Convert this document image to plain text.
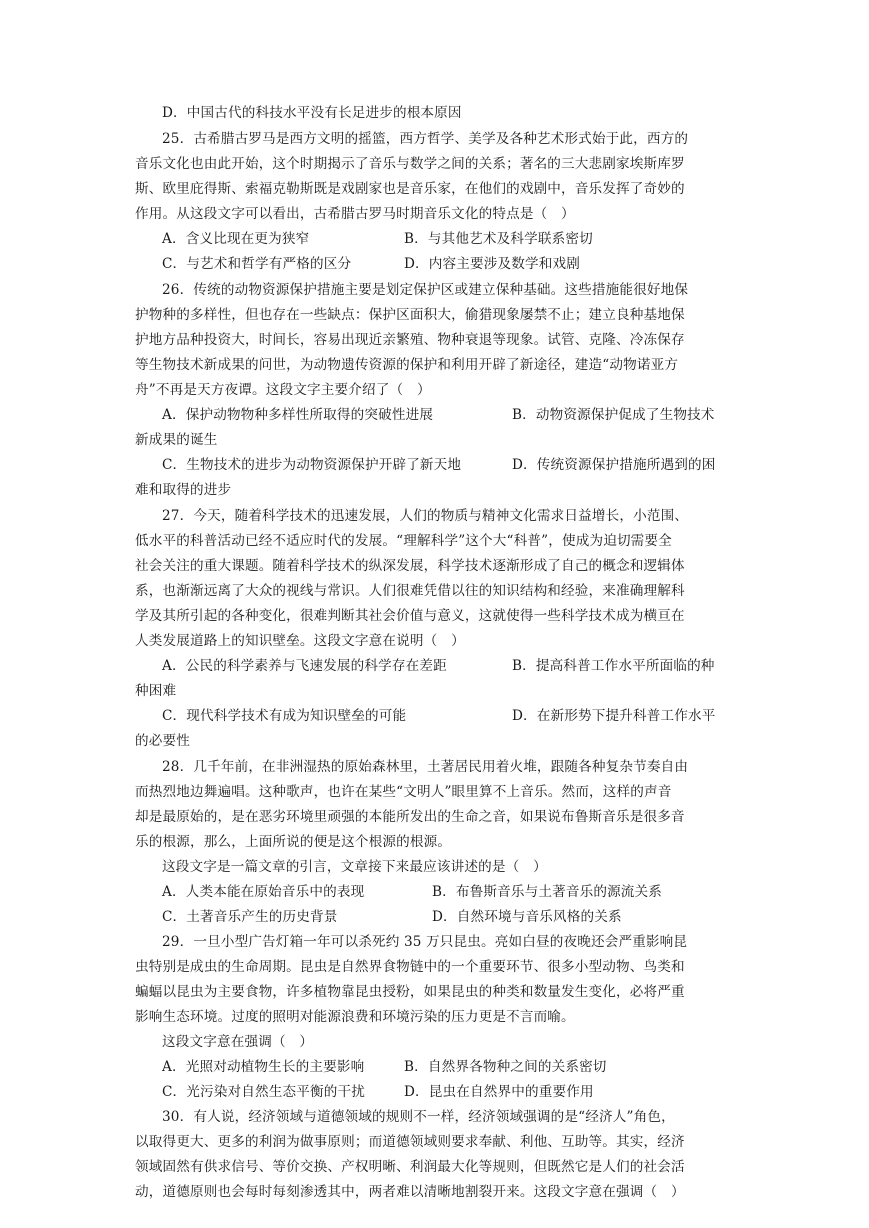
D．中国古代的科技水平没有长足进步的根本原因
25．古希腊古罗马是西方文明的摇篮，西方哲学、美学及各种艺术形式始于此，西方的
音乐文化也由此开始，这个时期揭示了音乐与数学之间的关系；著名的三大悲剧家埃斯库罗
斯、欧里庇得斯、索福克勒斯既是戏剧家也是音乐家，在他们的戏剧中，音乐发挥了奇妙的
作用。从这段文字可以看出，古希腊古罗马时期音乐文化的特点是（　）
A．含义比现在更为狭窄	B．与其他艺术及科学联系密切
C．与艺术和哲学有严格的区分	D．内容主要涉及数学和戏剧
26．传统的动物资源保护措施主要是划定保护区或建立保种基础。这些措施能很好地保
护物种的多样性，但也存在一些缺点：保护区面积大，偷猎现象屡禁不止；建立良种基地保
护地方品种投资大，时间长，容易出现近亲繁殖、物种衰退等现象。试管、克隆、冷冻保存
等生物技术新成果的问世，为动物遗传资源的保护和利用开辟了新途径，建造“动物诺亚方
舟”不再是天方夜谭。这段文字主要介绍了（　）
A．保护动物物种多样性所取得的突破性进展	B．动物资源保护促成了生物技术
新成果的诞生
C．生物技术的进步为动物资源保护开辟了新天地	D．传统资源保护措施所遇到的困
难和取得的进步
27．今天，随着科学技术的迅速发展，人们的物质与精神文化需求日益增长，小范围、
低水平的科普活动已经不适应时代的发展。“理解科学”这个大“科普”，使成为迫切需要全
社会关注的重大课题。随着科学技术的纵深发展，科学技术逐渐形成了自己的概念和逻辑体
系，也渐渐远离了大众的视线与常识。人们很难凭借以往的知识结构和经验，来准确理解科
学及其所引起的各种变化，很难判断其社会价值与意义，这就使得一些科学技术成为横亘在
人类发展道路上的知识壁垒。这段文字意在说明（　）
A．公民的科学素养与飞速发展的科学存在差距	B．提高科普工作水平所面临的种
种困难
C．现代科学技术有成为知识壁垒的可能	D．在新形势下提升科普工作水平
的必要性
28．几千年前，在非洲湿热的原始森林里，土著居民用着火堆，跟随各种复杂节奏自由
而热烈地边舞遍唱。这种歌声，也许在某些“文明人”眼里算不上音乐。然而，这样的声音
却是最原始的，是在恶劣环境里顽强的本能所发出的生命之音，如果说布鲁斯音乐是很多音
乐的根源，那么，上面所说的便是这个根源的根源。
这段文字是一篇文章的引言，文章接下来最应该讲述的是（　）
A．人类本能在原始音乐中的表现	B．布鲁斯音乐与土著音乐的源流关系
C．土著音乐产生的历史背景	D．自然环境与音乐风格的关系
29．一旦小型广告灯箱一年可以杀死约 35 万只昆虫。亮如白昼的夜晚还会严重影响昆
虫特别是成虫的生命周期。昆虫是自然界食物链中的一个重要环节、很多小型动物、鸟类和
蝙蝠以昆虫为主要食物，许多植物靠昆虫授粉，如果昆虫的种类和数量发生变化，必将严重
影响生态环境。过度的照明对能源浪费和环境污染的压力更是不言而喻。
这段文字意在强调（　）
A．光照对动植物生长的主要影响	B．自然界各物种之间的关系密切
C．光污染对自然生态平衡的干扰	D．昆虫在自然界中的重要作用
30．有人说，经济领域与道德领域的规则不一样，经济领域强调的是“经济人”角色，
以取得更大、更多的利润为做事原则；而道德领域则要求奉献、利他、互助等。其实，经济
领域固然有供求信号、等价交换、产权明晰、利润最大化等规则，但既然它是人们的社会活
动，道德原则也会每时每刻渗透其中，两者难以清晰地割裂开来。这段文字意在强调（　）
